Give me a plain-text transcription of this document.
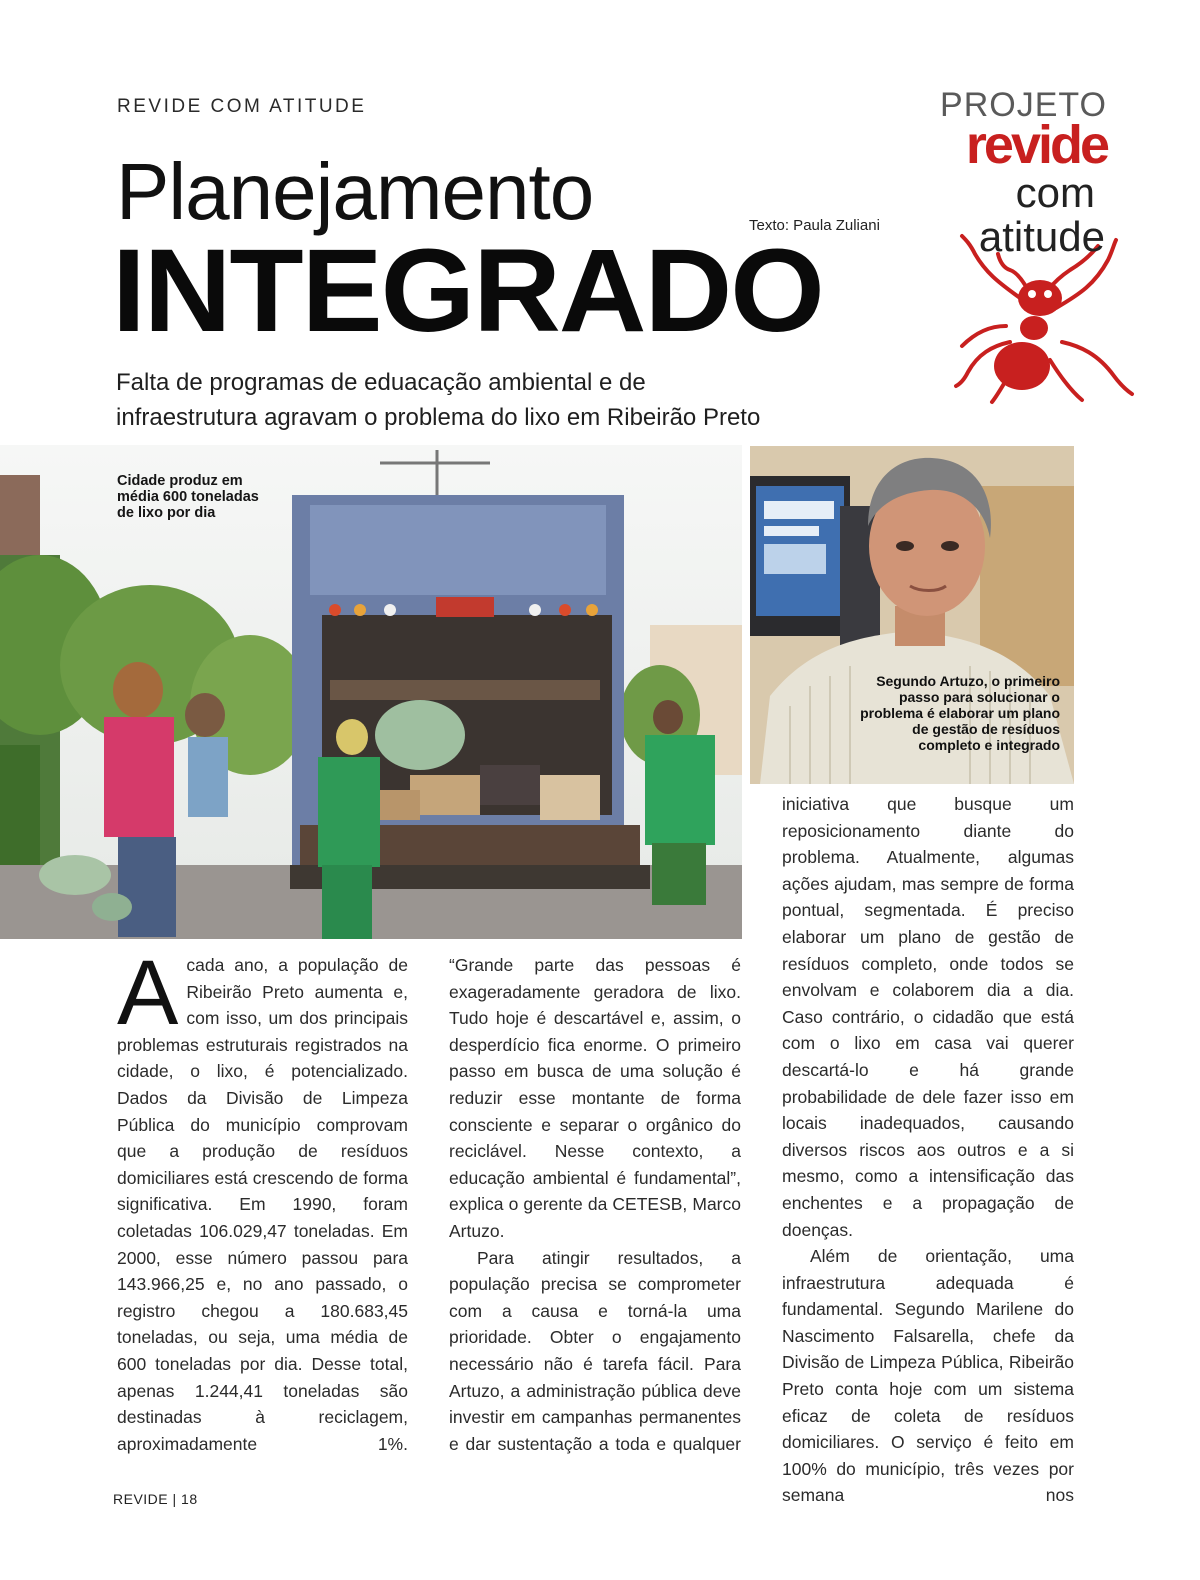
REVIDE COM ATITUDE
Planejamento
INTEGRADO
Texto: Paula Zuliani
PROJETO
revide
com
atitude
Falta de programas de eduacação ambiental e de
infraestrutura agravam o problema do lixo em Ribeirão Preto
Cidade produz em média 600 toneladas de lixo por dia
Segundo Artuzo, o primeiro passo para solucionar o problema é elaborar um plano de gestão de resíduos completo e integrado
A cada ano, a população de Ribeirão Preto aumenta e, com isso, um dos principais problemas estruturais registrados na cidade, o lixo, é potencializado. Dados da Divisão de Limpeza Pública do município comprovam que a produção de resíduos domiciliares está crescendo de forma significativa. Em 1990, foram coletadas 106.029,47 toneladas. Em 2000, esse número passou para 143.966,25 e, no ano passado, o registro chegou a 180.683,45 toneladas, ou seja, uma média de 600 toneladas por dia. Desse total, apenas 1.244,41 toneladas são destinadas à reciclagem, aproximadamente 1%.

“Grande parte das pessoas é exageradamente geradora de lixo. Tudo hoje é descartável e, assim, o desperdício fica enorme. O primeiro passo em busca de uma solução é reduzir esse montante de forma consciente e separar o orgânico do reciclável. Nesse contexto, a educação ambiental é fundamental”, explica o gerente da CETESB, Marco Artuzo.

Para atingir resultados, a população precisa se comprometer com a causa e torná-la uma prioridade. Obter o engajamento necessário não é tarefa fácil. Para Artuzo, a administração pública deve investir em campanhas permanentes e dar sustentação a toda e qualquer

iniciativa que busque um reposicionamento diante do problema. Atualmente, algumas ações ajudam, mas sempre de forma pontual, segmentada. É preciso elaborar um plano de gestão de resíduos completo, onde todos se envolvam e colaborem dia a dia. Caso contrário, o cidadão que está com o lixo em casa vai querer descartá-lo e há grande probabilidade de dele fazer isso em locais inadequados, causando diversos riscos aos outros e a si mesmo, como a intensificação das enchentes e a propagação de doenças.

Além de orientação, uma infraestrutura adequada é fundamental. Segundo Marilene do Nascimento Falsarella, chefe da Divisão de Limpeza Pública, Ribeirão Preto conta hoje com um sistema eficaz de coleta de resíduos domiciliares. O serviço é feito em 100% do município, três vezes por semana nos

REVIDE | 18
